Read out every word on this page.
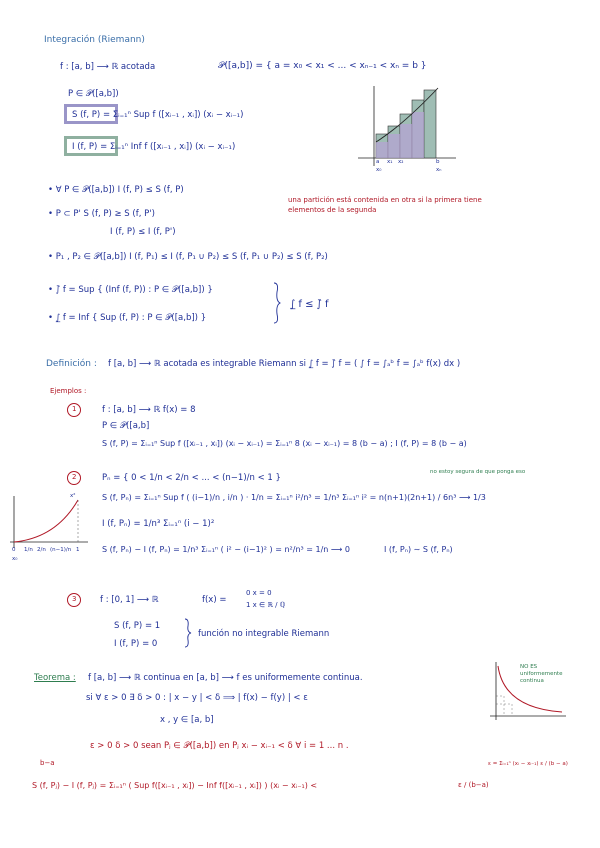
Integración (Riemann)
f : [a, b] ⟶ ℝ acotada	𝒫([a,b]) = { a = x₀ < x₁ < ... < xₙ₋₁ < xₙ = b }
P ∈ 𝒫([a,b])
S (f, P) = Σᵢ₌₁ⁿ Sup f ([xᵢ₋₁ , xᵢ]) (xᵢ − xᵢ₋₁)
I (f, P) = Σᵢ₌₁ⁿ Inf f ([xᵢ₋₁ , xᵢ]) (xᵢ − xᵢ₋₁)
a x₁ x₂	b
x₀	xₙ
• ∀ P ∈ 𝒫([a,b]) I (f, P) ≤ S (f, P)
• P ⊂ P' S (f, P) ≥ S (f, P')
I (f, P) ≤ I (f, P')
una partición está contenida en otra si la primera tiene elementos de la segunda
• P₁ , P₂ ∈ 𝒫([a,b]) I (f, P₁) ≤ I (f, P₁ ∪ P₂) ≤ S (f, P₁ ∪ P₂) ≤ S (f, P₂)
• ∫̄ f = Sup { (Inf (f, P)) : P ∈ 𝒫([a,b]) }
• ∫̲ f = Inf { Sup (f, P) : P ∈ 𝒫([a,b]) }
∫̲ f ≤ ∫̄ f
Definición : f [a, b] ⟶ ℝ acotada es integrable Riemann si ∫̲ f = ∫̄ f = ( ∫ f = ∫ₐᵇ f = ∫ₐᵇ f(x) dx )
Ejemplos :
1	f : [a, b] ⟶ ℝ f(x) = 8
P ∈ 𝒫([a,b]
S (f, P) = Σᵢ₌₁ⁿ Sup f ([xᵢ₋₁ , xᵢ]) (xᵢ − xᵢ₋₁) = Σᵢ₌₁ⁿ 8 (xᵢ − xᵢ₋₁) = 8 (b − a) ; I (f, P) = 8 (b − a)
2	Pₙ = { 0 < 1/n < 2/n < ... < (n−1)/n < 1 }
no estoy segura de que ponga eso
S (f, Pₙ) = Σᵢ₌₁ⁿ Sup f ( (i−1)/n , i/n ) · 1/n = Σᵢ₌₁ⁿ i²/n³ = 1/n³ Σᵢ₌₁ⁿ i² = n(n+1)(2n+1) / 6n³ ⟶ 1/3
I (f, Pₙ) = 1/n³ Σᵢ₌₁ⁿ (i − 1)²
S (f, Pₙ) − I (f, Pₙ) = 1/n³ Σᵢ₌₁ⁿ ( i² − (i−1)² ) = n²/n³ = 1/n ⟶ 0	I (f, Pₙ) ∼ S (f, Pₙ)
x²
0 1/n 2/n (n−1)/n 1
x₀
3	f : [0, 1] ⟶ ℝ	f(x) =
0 x = 0
1 x ∈ ℝ / ℚ
S (f, P) = 1
I (f, P) = 0
función no integrable Riemann
Teorema : f [a, b] ⟶ ℝ continua en [a, b] ⟶ f es uniformemente continua.
si ∀ ε > 0 ∃ δ > 0 : | x − y | < δ ⟹ | f(x) − f(y) | < ε
x , y ∈ [a, b]
NO ES uniformemente continua
ε > 0 δ > 0 sean Pⱼ ∈ 𝒫([a,b]) en Pⱼ xᵢ − xᵢ₋₁ < δ ∀ i = 1 ... n .
b−a
S (f, Pⱼ) − I (f, Pⱼ) = Σᵢ₌₁ⁿ ( Sup f([xᵢ₋₁ , xᵢ]) − Inf f([xᵢ₋₁ , xᵢ]) ) (xᵢ − xᵢ₋₁) <	ε / (b−a)
ε = Σᵢ₌₁ⁿ (xᵢ − xᵢ₋₁) ε / (b − a)
